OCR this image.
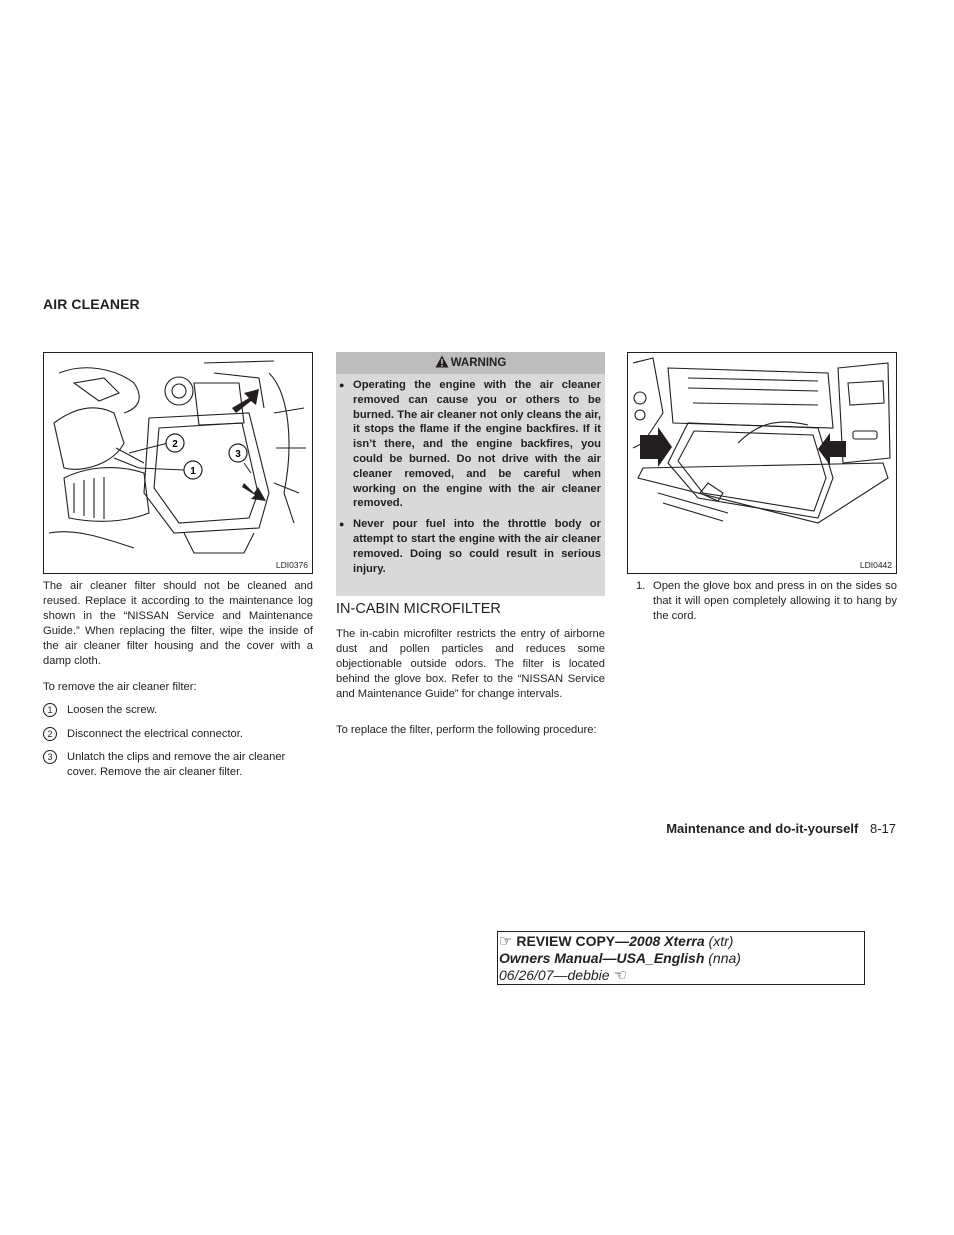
AIR CLEANER
2
1
3
LDI0376

The air cleaner filter should not be cleaned and reused. Replace it according to the maintenance log shown in the “NISSAN Service and Maintenance Guide.” When replacing the filter, wipe the inside of the air cleaner filter housing and the cover with a damp cloth.

To remove the air cleaner filter:

1 Loosen the screw.
2 Disconnect the electrical connector.
3 Unlatch the clips and remove the air cleaner cover. Remove the air cleaner filter.
WARNING
● Operating the engine with the air cleaner removed can cause you or others to be burned. The air cleaner not only cleans the air, it stops the flame if the engine backfires. If it isn’t there, and the engine backfires, you could be burned. Do not drive with the air cleaner removed, and be careful when working on the engine with the air cleaner removed.
● Never pour fuel into the throttle body or attempt to start the engine with the air cleaner removed. Doing so could result in serious injury.
IN-CABIN MICROFILTER

The in-cabin microfilter restricts the entry of airborne dust and pollen particles and reduces some objectionable outside odors. The filter is located behind the glove box. Refer to the “NISSAN Service and Maintenance Guide” for change intervals.

To replace the filter, perform the following procedure:

LDI0442
1. Open the glove box and press in on the sides so that it will open completely allowing it to hang by the cord.

Maintenance and do-it-yourself 8-17
☞ REVIEW COPY—2008 Xterra (xtr)
Owners Manual—USA_English (nna)
06/26/07—debbie ☜
